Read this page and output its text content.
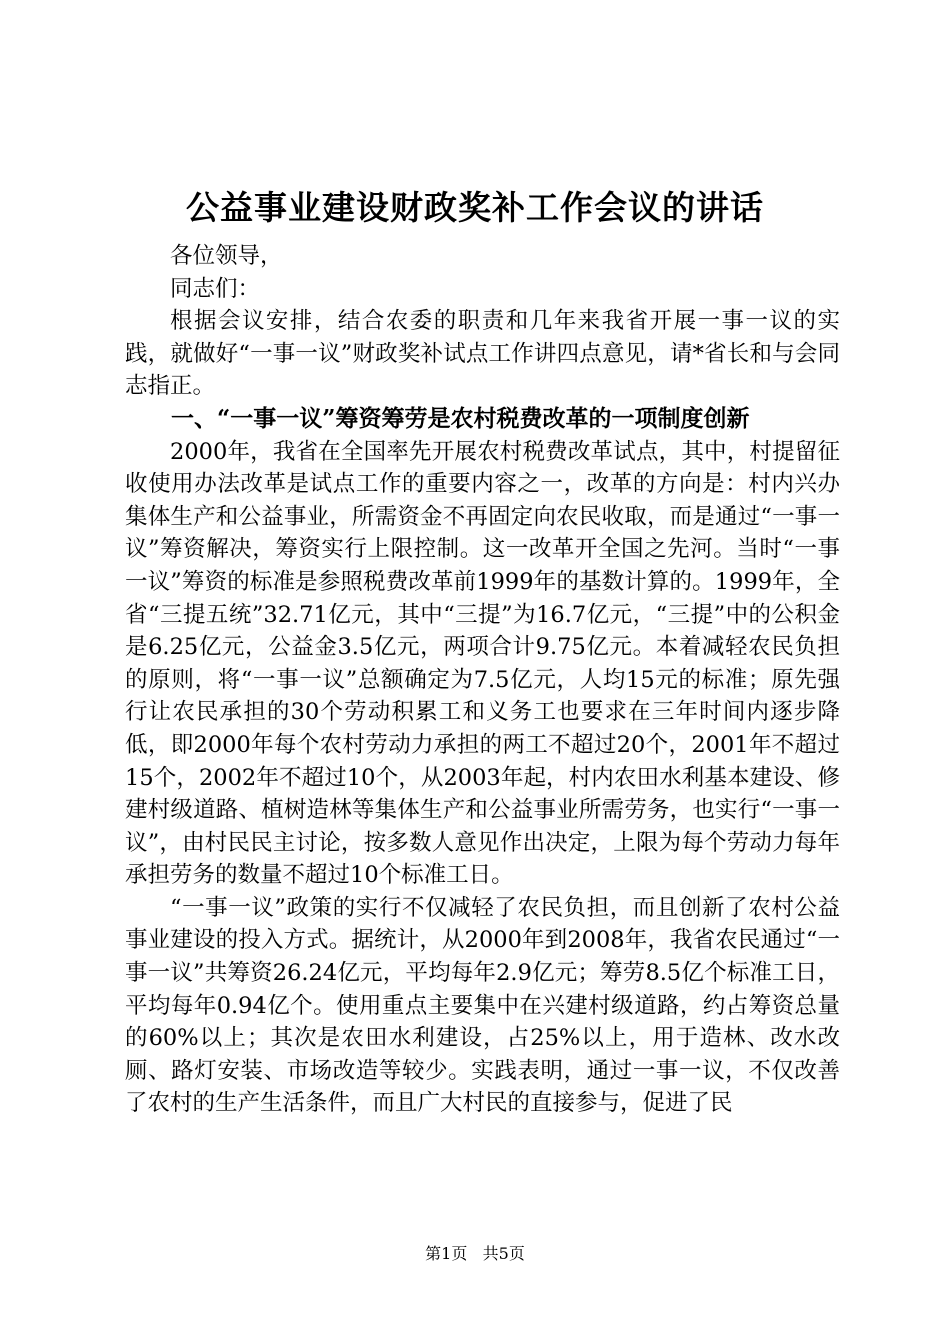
公益事业建设财政奖补工作会议的讲话

各位领导，

同志们：

根据会议安排，结合农委的职责和几年来我省开展一事一议的实践，就做好“一事一议”财政奖补试点工作讲四点意见，请*省长和与会同志指正。

一、“一事一议”筹资筹劳是农村税费改革的一项制度创新

2000年，我省在全国率先开展农村税费改革试点，其中，村提留征收使用办法改革是试点工作的重要内容之一，改革的方向是：村内兴办集体生产和公益事业，所需资金不再固定向农民收取，而是通过“一事一议”筹资解决，筹资实行上限控制。这一改革开全国之先河。当时“一事一议”筹资的标准是参照税费改革前1999年的基数计算的。1999年，全省“三提五统”32.71亿元，其中“三提”为16.7亿元，“三提”中的公积金是6.25亿元，公益金3.5亿元，两项合计9.75亿元。本着减轻农民负担的原则，将“一事一议”总额确定为7.5亿元，人均15元的标准；原先强行让农民承担的30个劳动积累工和义务工也要求在三年时间内逐步降低，即2000年每个农村劳动力承担的两工不超过20个，2001年不超过15个，2002年不超过10个，从2003年起，村内农田水利基本建设、修建村级道路、植树造林等集体生产和公益事业所需劳务，也实行“一事一议”，由村民民主讨论，按多数人意见作出决定，上限为每个劳动力每年承担劳务的数量不超过10个标准工日。

“一事一议”政策的实行不仅减轻了农民负担，而且创新了农村公益事业建设的投入方式。据统计，从2000年到2008年，我省农民通过“一事一议”共筹资26.24亿元，平均每年2.9亿元；筹劳8.5亿个标准工日，平均每年0.94亿个。使用重点主要集中在兴建村级道路，约占筹资总量的60%以上；其次是农田水利建设，占25%以上，用于造林、改水改厕、路灯安装、市场改造等较少。实践表明，通过一事一议，不仅改善了农村的生产生活条件，而且广大村民的直接参与，促进了民

第1页 共5页
